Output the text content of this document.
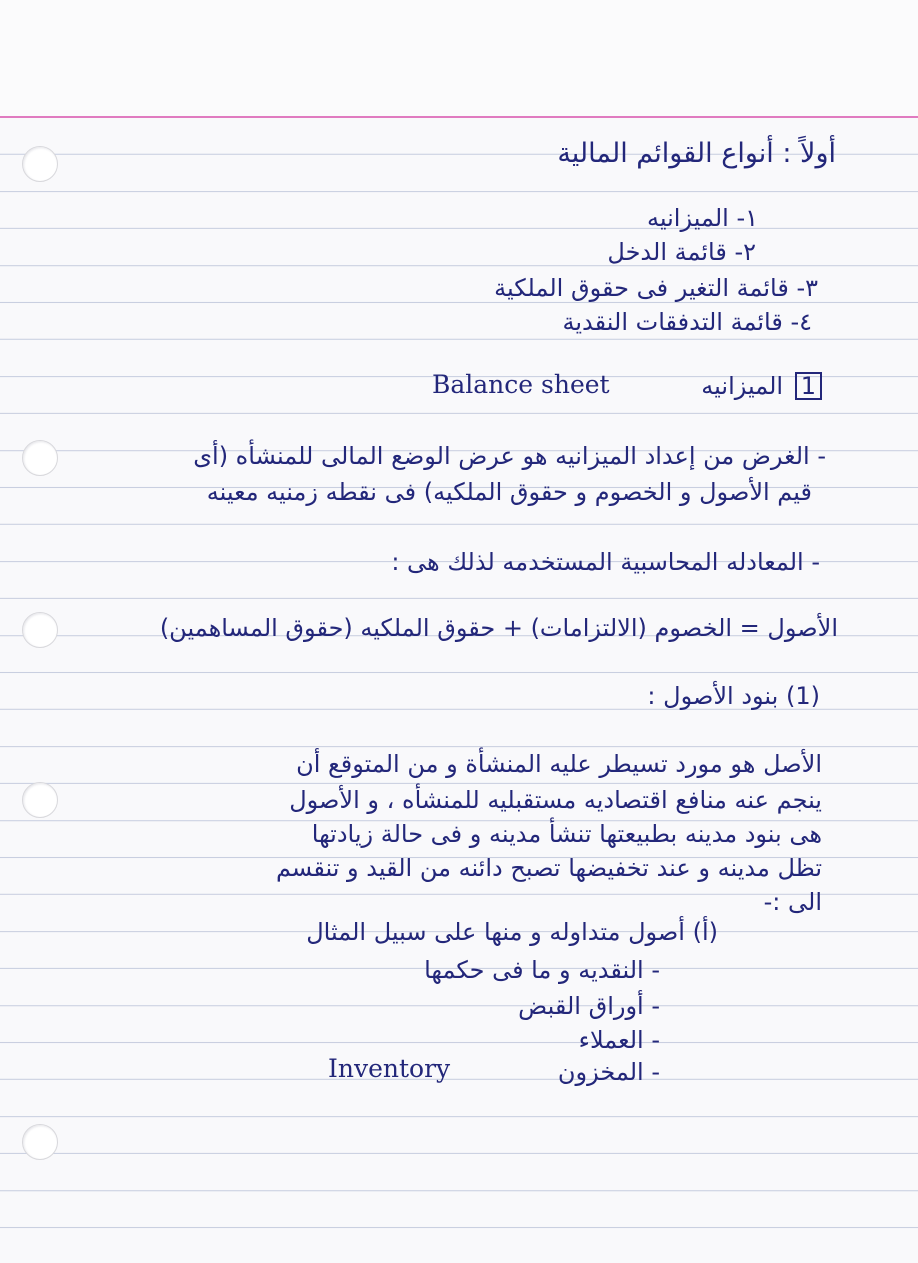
أولاً : أنواع القوائم المالية
١- الميزانيه
٢- قائمة الدخل
٣- قائمة التغير فى حقوق الملكية
٤- قائمة التدفقات النقدية
1 الميزانيه
Balance sheet
- الغرض من إعداد الميزانيه هو عرض الوضع المالى للمنشأه (أى
قيم الأصول و الخصوم و حقوق الملكيه) فى نقطه زمنيه معينه
- المعادله المحاسبية المستخدمه لذلك هى :
الأصول = الخصوم (الالتزامات) + حقوق الملكيه (حقوق المساهمين)
(1) بنود الأصول :
الأصل هو مورد تسيطر عليه المنشأة و من المتوقع أن
ينجم عنه منافع اقتصاديه مستقبليه للمنشأه ، و الأصول
هى بنود مدينه بطبيعتها تنشأ مدينه و فى حالة زيادتها
تظل مدينه و عند تخفيضها تصبح دائنه من القيد و تنقسم
الى :-
(أ) أصول متداوله و منها على سبيل المثال
- النقديه و ما فى حكمها
- أوراق القبض
- العملاء
- المخزون
Inventory
